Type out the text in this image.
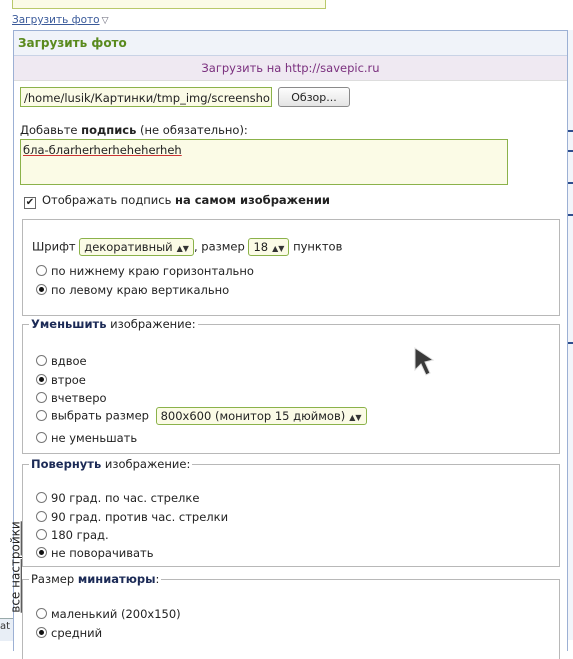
Загрузить фото ▽
at
Загрузить фото
Загрузить на http://savepic.ru
/home/lusik/Картинки/tmp_img/screensho	Обзор...
Добавьте подпись (не обязательно):
бла-блаrherherheheherheh
✔ Отображать подпись на самом изображении
Шрифт декоративный ▲▼ , размер 18 ▲▼ пунктов
по нижнему краю горизонтально
по левому краю вертикально
Уменьшить изображение:
вдвое
втрое
вчетверо
выбрать размер 800x600 (монитор 15 дюймов) ▲▼
не уменьшать
Повернуть изображение:
90 град. по час. стрелке
90 град. против час. стрелки
180 град.
не поворачивать
Размер миниатюры:
маленький (200x150)
средний
все настройки
